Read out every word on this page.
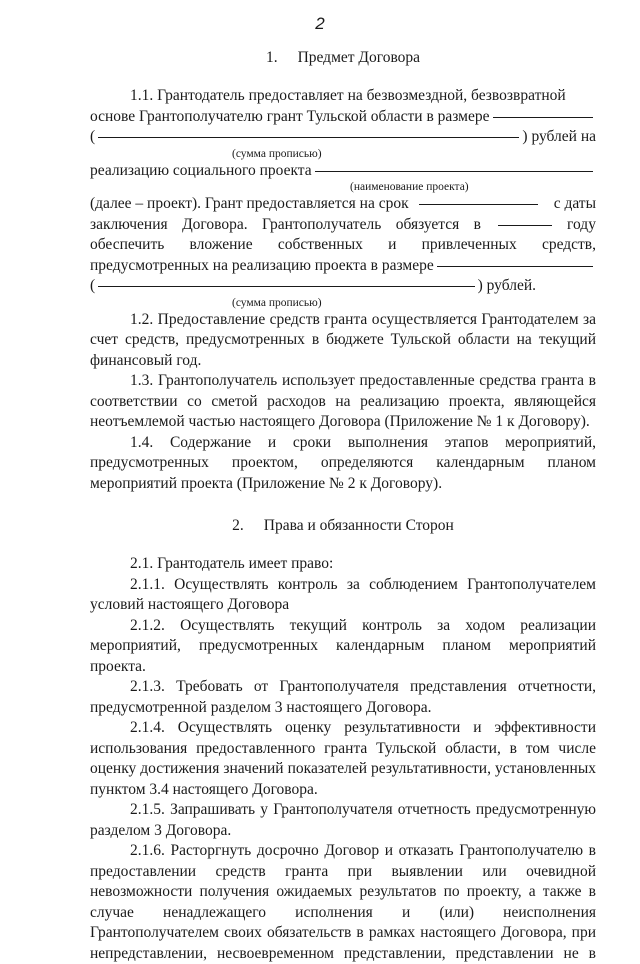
2
1. Предмет Договора
1.1. Грантодатель предоставляет на безвозмездной, безвозвратной
основе Грантополучателю грант Тульской области в размере
(	) рублей на
(сумма прописью)
реализацию социального проекта
(наименование проекта)
(далее – проект). Грант предоставляется на срок	с даты
заключения Договора. Грантополучатель обязуется в	году
обеспечить вложение собственных и привлеченных средств,
предусмотренных на реализацию проекта в размере
(	) рублей.
(сумма прописью)

1.2. Предоставление средств гранта осуществляется Грантодателем за счет средств, предусмотренных в бюджете Тульской области на текущий финансовый год.

1.3. Грантополучатель использует предоставленные средства гранта в соответствии со сметой расходов на реализацию проекта, являющейся неотъемлемой частью настоящего Договора (Приложение № 1 к Договору).

1.4. Содержание и сроки выполнения этапов мероприятий, предусмотренных проектом, определяются календарным планом мероприятий проекта (Приложение № 2 к Договору).

2. Права и обязанности Сторон

2.1. Грантодатель имеет право:

2.1.1. Осуществлять контроль за соблюдением Грантополучателем условий настоящего Договора

2.1.2. Осуществлять текущий контроль за ходом реализации мероприятий, предусмотренных календарным планом мероприятий проекта.

2.1.3. Требовать от Грантополучателя представления отчетности, предусмотренной разделом 3 настоящего Договора.

2.1.4. Осуществлять оценку результативности и эффективности использования предоставленного гранта Тульской области, в том числе оценку достижения значений показателей результативности, установленных пунктом 3.4 настоящего Договора.

2.1.5. Запрашивать у Грантополучателя отчетность предусмотренную разделом 3 Договора.

2.1.6. Расторгнуть досрочно Договор и отказать Грантополучателю в предоставлении средств гранта при выявлении или очевидной невозможности получения ожидаемых результатов по проекту, а также в случае ненадлежащего исполнения и (или) неисполнения Грантополучателем своих обязательств в рамках настоящего Договора, при непредставлении, несвоевременном представлении, представлении не в
